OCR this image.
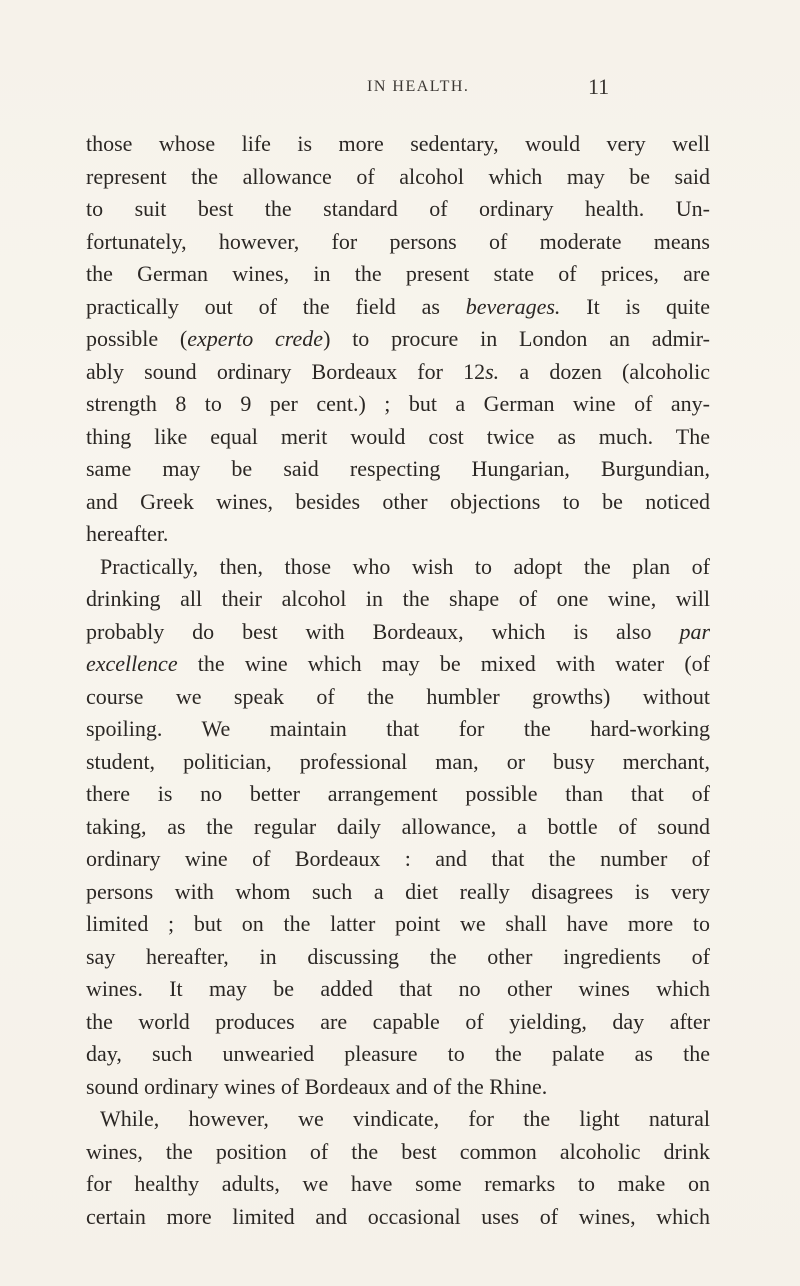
IN HEALTH.	11
those whose life is more sedentary, would very well
represent the allowance of alcohol which may be said
to suit best the standard of ordinary health. Un-
fortunately, however, for persons of moderate means
the German wines, in the present state of prices, are
practically out of the field as beverages. It is quite
possible (experto crede) to procure in London an admir-
ably sound ordinary Bordeaux for 12s. a dozen (alcoholic
strength 8 to 9 per cent.) ; but a German wine of any-
thing like equal merit would cost twice as much. The
same may be said respecting Hungarian, Burgundian,
and Greek wines, besides other objections to be noticed
hereafter.
Practically, then, those who wish to adopt the plan of
drinking all their alcohol in the shape of one wine, will
probably do best with Bordeaux, which is also par
excellence the wine which may be mixed with water (of
course we speak of the humbler growths) without
spoiling. We maintain that for the hard-working
student, politician, professional man, or busy merchant,
there is no better arrangement possible than that of
taking, as the regular daily allowance, a bottle of sound
ordinary wine of Bordeaux : and that the number of
persons with whom such a diet really disagrees is very
limited ; but on the latter point we shall have more to
say hereafter, in discussing the other ingredients of
wines. It may be added that no other wines which
the world produces are capable of yielding, day after
day, such unwearied pleasure to the palate as the
sound ordinary wines of Bordeaux and of the Rhine.
While, however, we vindicate, for the light natural
wines, the position of the best common alcoholic drink
for healthy adults, we have some remarks to make on
certain more limited and occasional uses of wines, which
